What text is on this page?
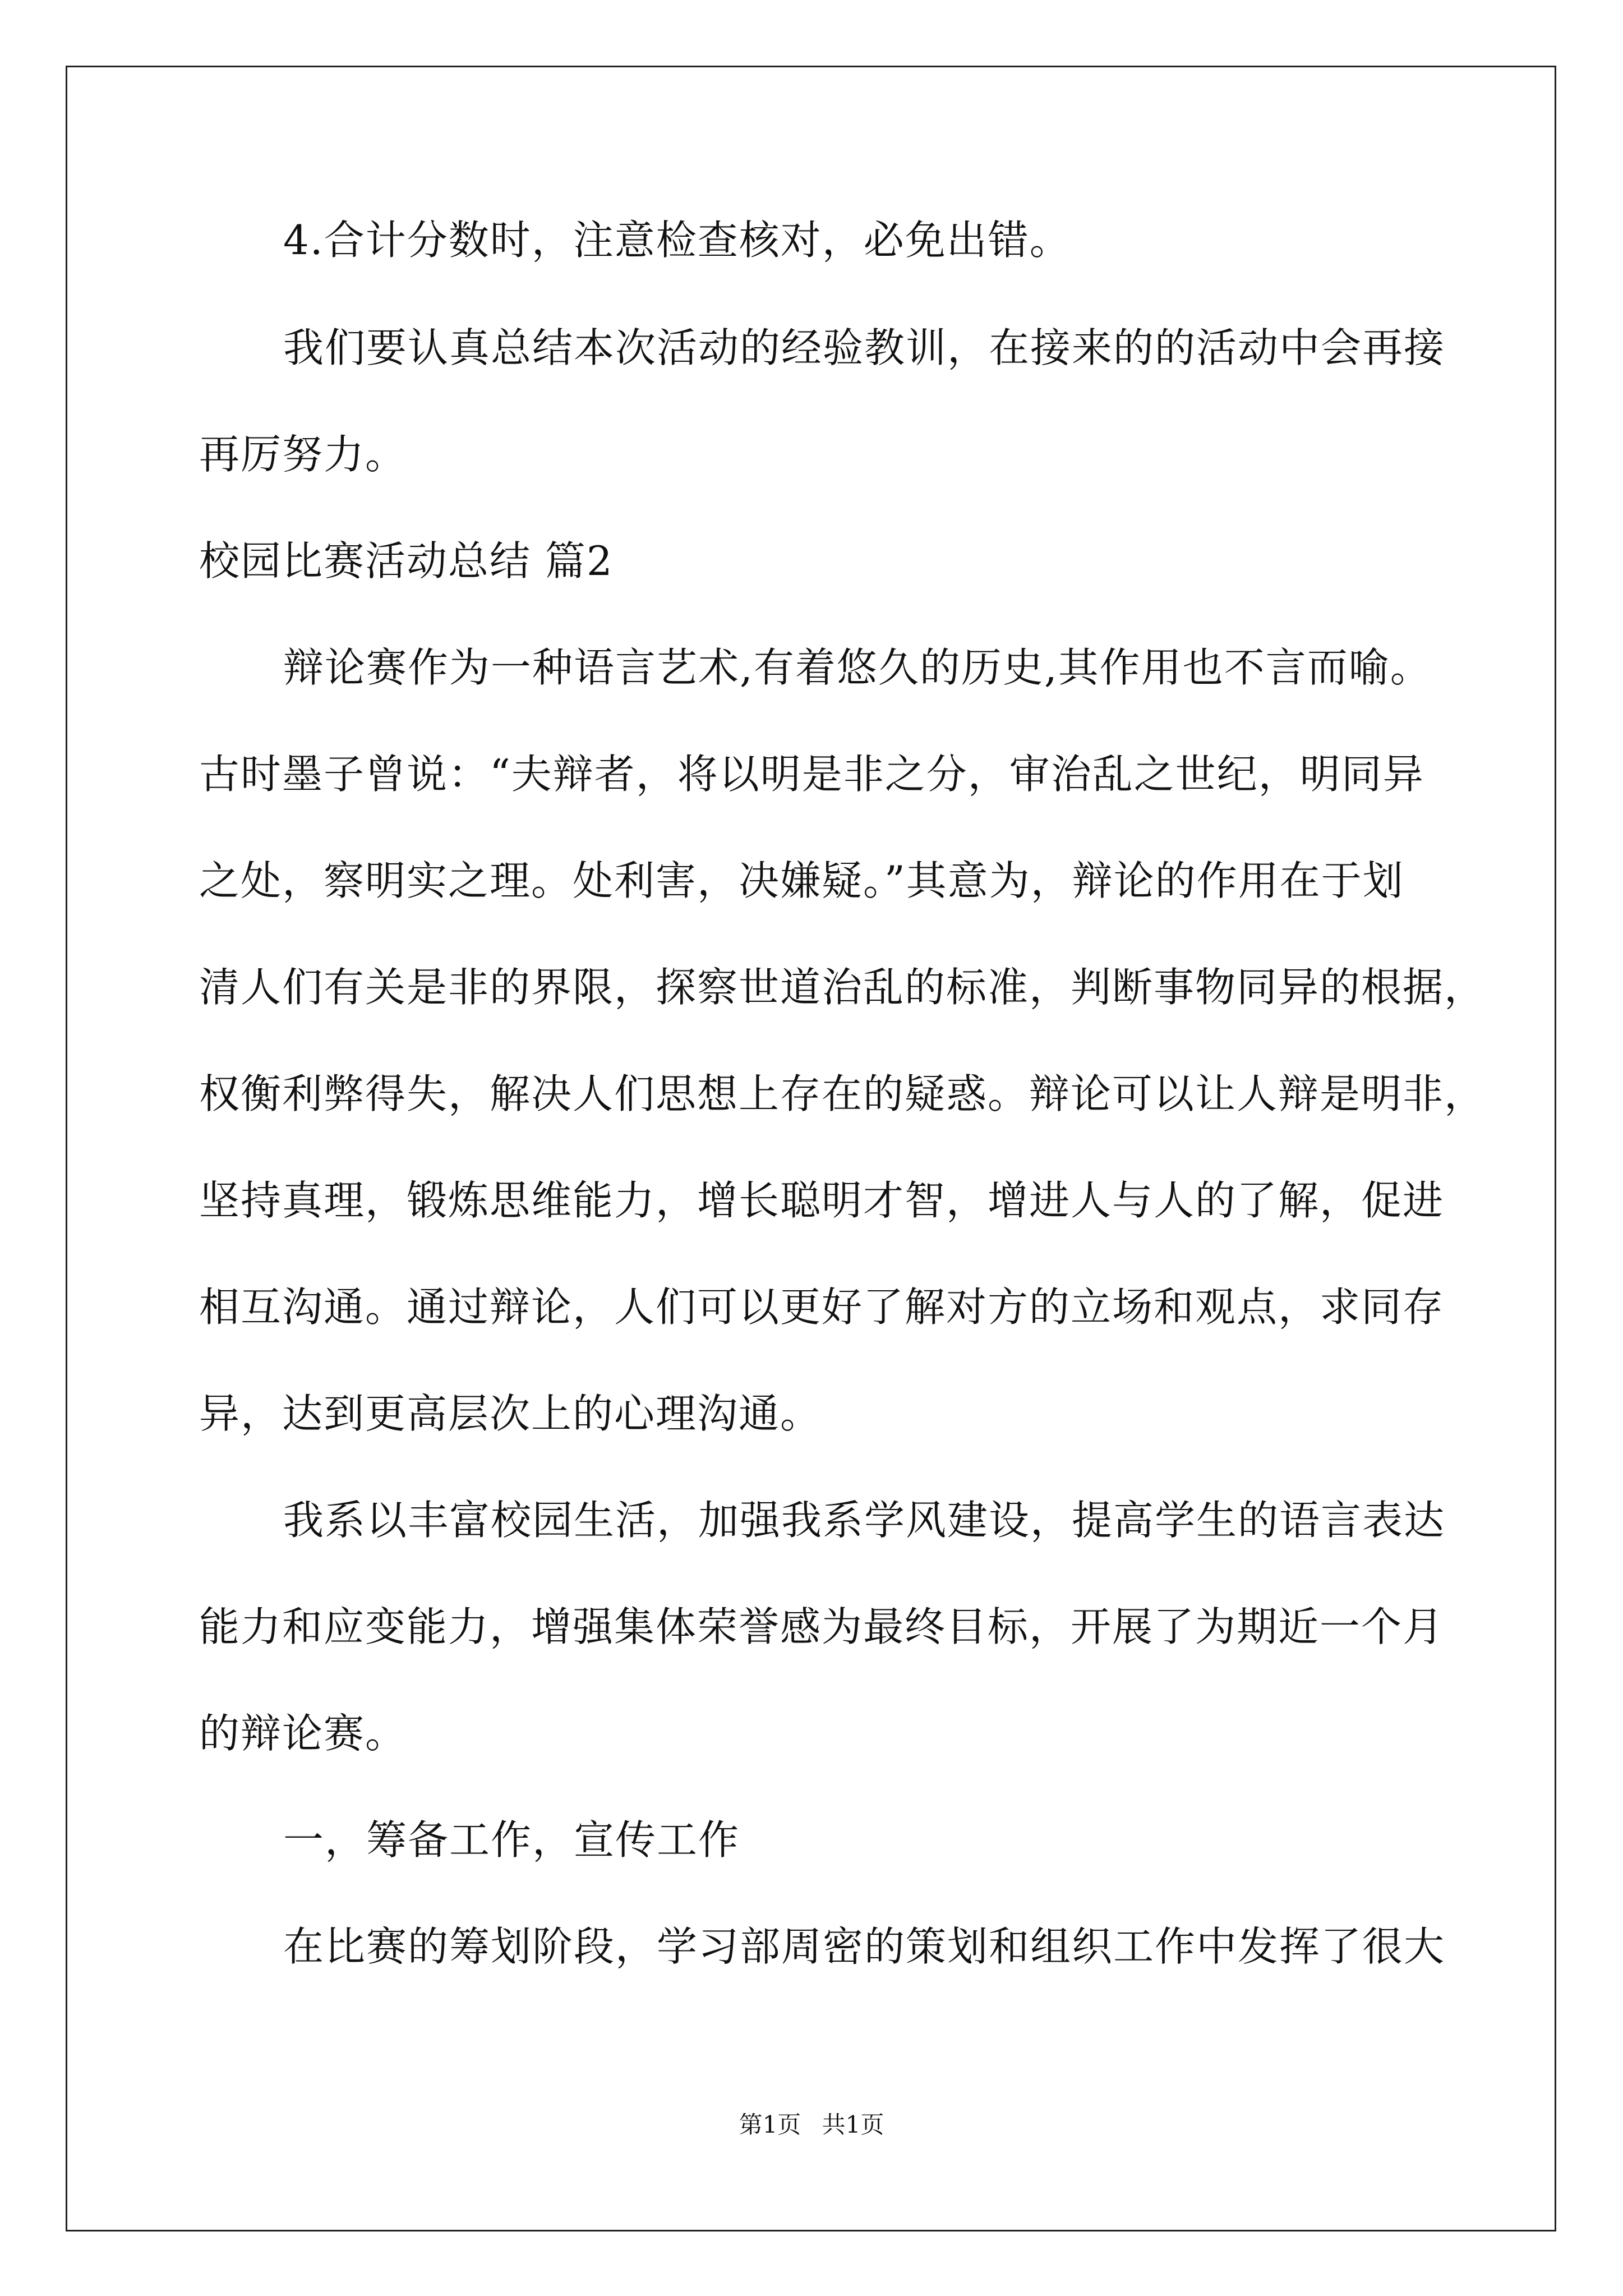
4.合计分数时，注意检查核对，必免出错。
我们要认真总结本次活动的经验教训，在接来的的活动中会再接
再厉努力。
校园比赛活动总结 篇2
辩论赛作为一种语言艺术,有着悠久的历史,其作用也不言而喻。
古时墨子曾说：“夫辩者，将以明是非之分，审治乱之世纪，明同异
之处，察明实之理。处利害，决嫌疑。”其意为，辩论的作用在于划
清人们有关是非的界限，探察世道治乱的标准，判断事物同异的根据，
权衡利弊得失，解决人们思想上存在的疑惑。辩论可以让人辩是明非，
坚持真理，锻炼思维能力，增长聪明才智，增进人与人的了解，促进
相互沟通。通过辩论，人们可以更好了解对方的立场和观点，求同存
异，达到更高层次上的心理沟通。
我系以丰富校园生活，加强我系学风建设，提高学生的语言表达
能力和应变能力，增强集体荣誉感为最终目标，开展了为期近一个月
的辩论赛。
一，筹备工作，宣传工作
在比赛的筹划阶段，学习部周密的策划和组织工作中发挥了很大
第1页 共1页
